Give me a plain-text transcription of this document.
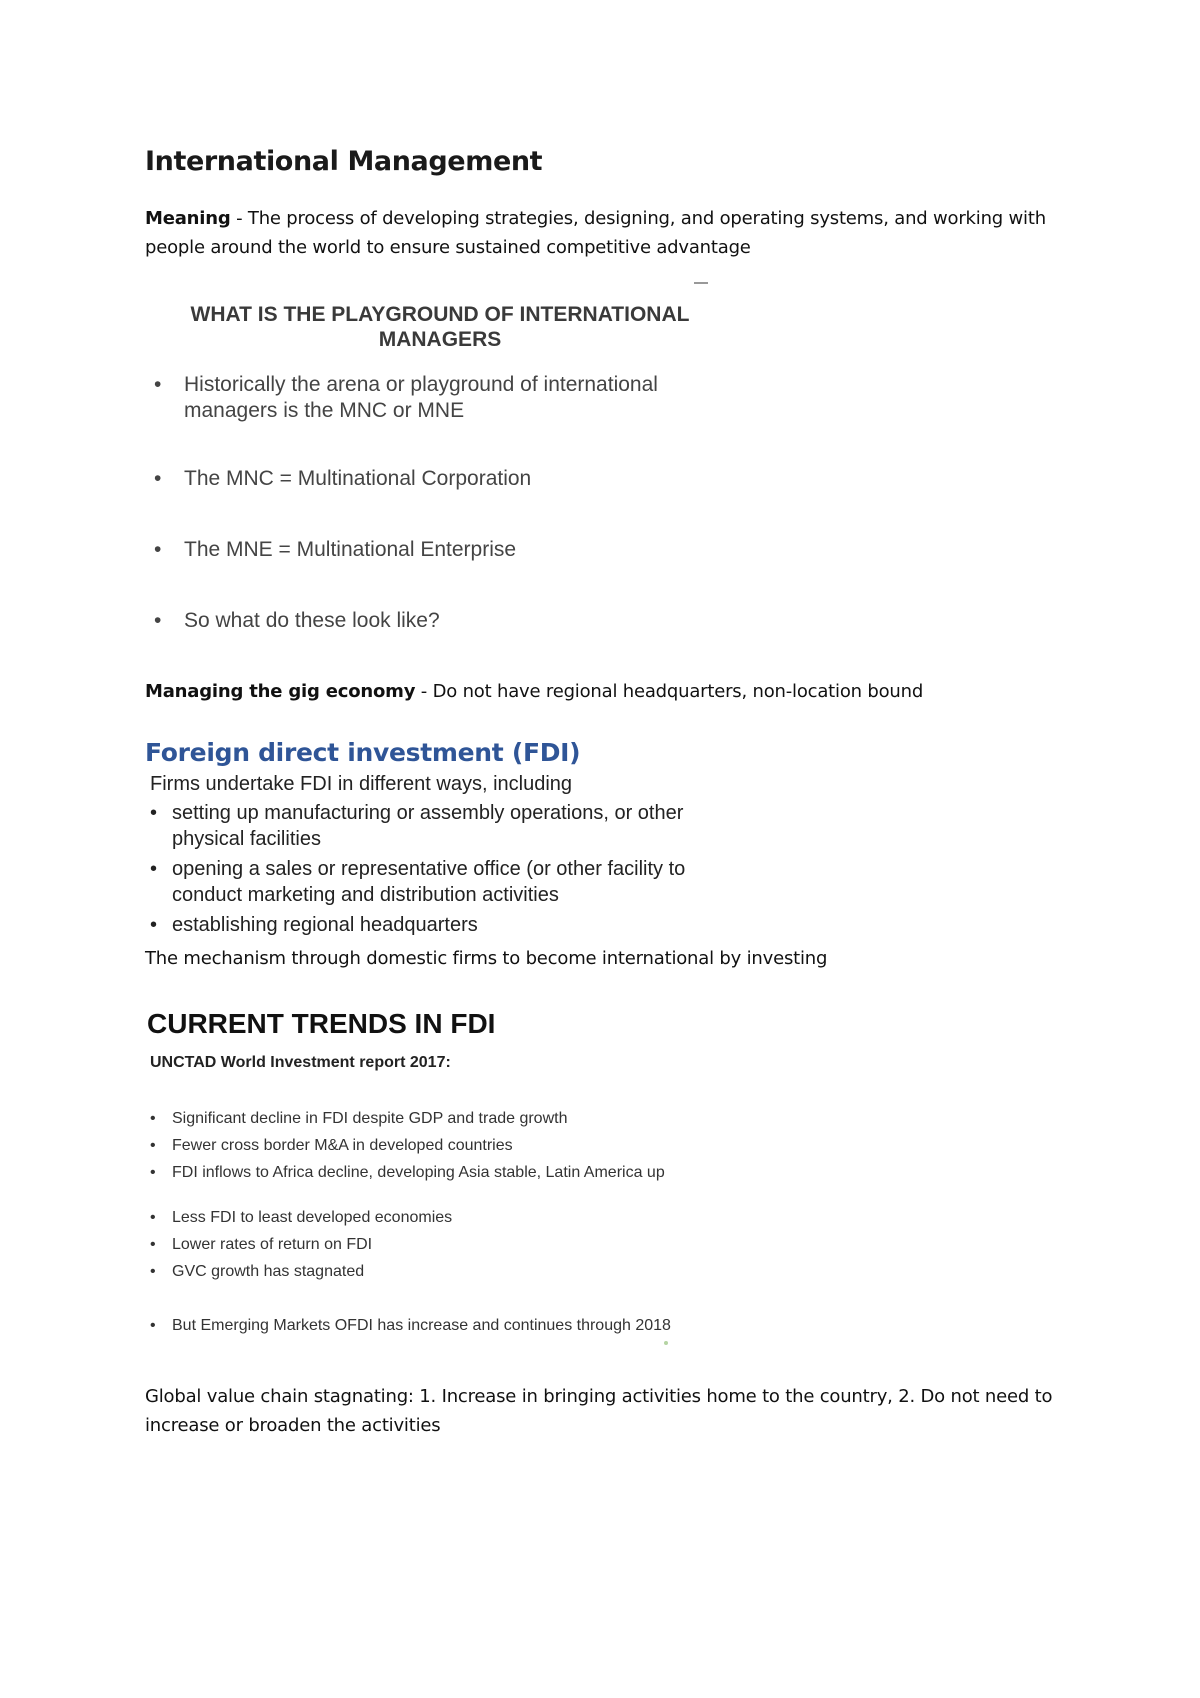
International Management
Meaning - The process of developing strategies, designing, and operating systems, and working with people around the world to ensure sustained competitive advantage
WHAT IS THE PLAYGROUND OF INTERNATIONAL MANAGERS
• Historically the arena or playground of international managers is the MNC or MNE
• The MNC = Multinational Corporation
• The MNE = Multinational Enterprise
• So what do these look like?
Managing the gig economy - Do not have regional headquarters, non-location bound
Foreign direct investment (FDI)
Firms undertake FDI in different ways, including
• setting up manufacturing or assembly operations, or other physical facilities
• opening a sales or representative office (or other facility to conduct marketing and distribution activities
• establishing regional headquarters
The mechanism through domestic firms to become international by investing
CURRENT TRENDS IN FDI
UNCTAD World Investment report 2017:
• Significant decline in FDI despite GDP and trade growth
• Fewer cross border M&A in developed countries
• FDI inflows to Africa decline, developing Asia stable, Latin America up
• Less FDI to least developed economies
• Lower rates of return on FDI
• GVC growth has stagnated
• But Emerging Markets OFDI has increase and continues through 2018
Global value chain stagnating: 1. Increase in bringing activities home to the country, 2. Do not need to increase or broaden the activities
